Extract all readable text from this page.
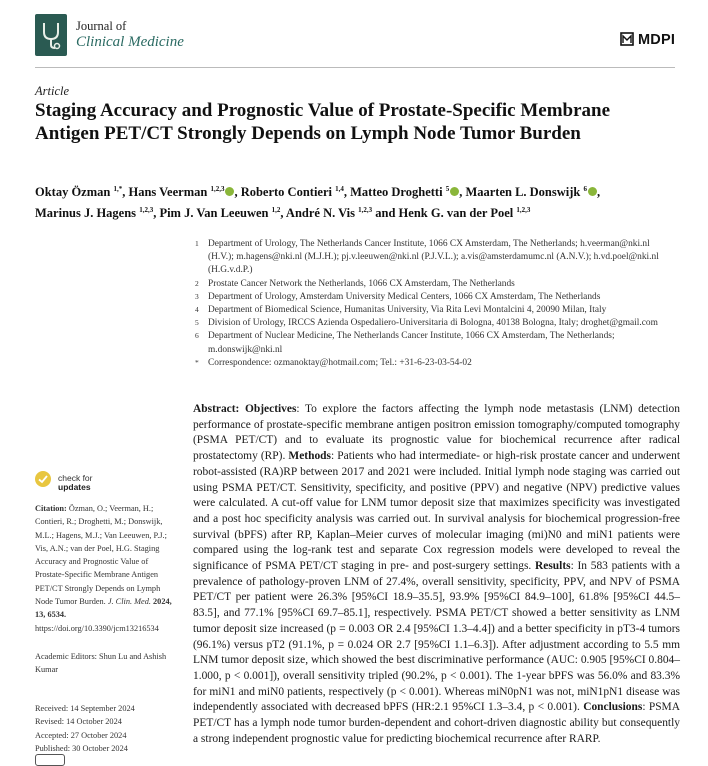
Journal of
Clinical Medicine	MDPI
Article
Staging Accuracy and Prognostic Value of Prostate-Specific Membrane Antigen PET/CT Strongly Depends on Lymph Node Tumor Burden
Oktay Özman $^{1,*}$, Hans Veerman $^{1,2,3}$ , Roberto Contieri $^{1,4}$, Matteo Droghetti $^5$ , Maarten L. Donswijk $^6$ ,
Marinus J. Hagens $^{1,2,3}$, Pim J. Van Leeuwen $^{1,2}$, André N. Vis $^{1,2,3}$ and Henk G. van der Poel $^{1,2,3}$
1 Department of Urology, The Netherlands Cancer Institute, 1066 CX Amsterdam, The Netherlands; h.veerman@nki.nl (H.V.); m.hagens@nki.nl (M.J.H.); pj.v.leeuwen@nki.nl (P.J.V.L.); a.vis@amsterdamumc.nl (A.N.V.); h.vd.poel@nki.nl (H.G.v.d.P.)
2 Prostate Cancer Network the Netherlands, 1066 CX Amsterdam, The Netherlands
3 Department of Urology, Amsterdam University Medical Centers, 1066 CX Amsterdam, The Netherlands
4 Department of Biomedical Science, Humanitas University, Via Rita Levi Montalcini 4, 20090 Milan, Italy
5 Division of Urology, IRCCS Azienda Ospedaliero-Universitaria di Bologna, 40138 Bologna, Italy; droghet@gmail.com
6 Department of Nuclear Medicine, The Netherlands Cancer Institute, 1066 CX Amsterdam, The Netherlands; m.donswijk@nki.nl
* Correspondence: ozmanoktay@hotmail.com; Tel.: +31-6-23-03-54-02
Abstract: Objectives: To explore the factors affecting the lymph node metastasis (LNM) detection performance of prostate-specific membrane antigen positron emission tomography/computed tomography (PSMA PET/CT) and to evaluate its prognostic value for biochemical recurrence after radical prostatectomy (RP). Methods: Patients who had intermediate- or high-risk prostate cancer and underwent robot-assisted (RA)RP between 2017 and 2021 were included. Initial lymph node staging was carried out using PSMA PET/CT. Sensitivity, specificity, and positive (PPV) and negative (NPV) predictive values were calculated. A cut-off value for LNM tumor deposit size that maximizes specificity was investigated and a post hoc specificity analysis was carried out. In survival analysis for biochemical progression-free survival (bPFS) after RP, Kaplan–Meier curves of molecular imaging (mi)N0 and miN1 patients were compared using the log-rank test and separate Cox regression models were developed to reveal the significance of PSMA PET/CT staging in pre- and post-surgery settings. Results: In 583 patients with a prevalence of pathology-proven LNM of 27.4%, overall sensitivity, specificity, PPV, and NPV of PSMA PET/CT per patient were 26.3% [95%CI 18.9–35.5], 93.9% [95%CI 84.9–100], 61.8% [95%CI 44.5–83.5], and 77.1% [95%CI 69.7–85.1], respectively. PSMA PET/CT showed a better sensitivity as LNM tumor deposit size increased (p = 0.003 OR 2.4 [95%CI 1.3–4.4]) and a better specificity in pT3-4 tumors (96.1%) versus pT2 (91.1%, p = 0.024 OR 2.7 [95%CI 1.1–6.3]). After adjustment according to 5.5 mm LNM tumor deposit size, which showed the best discriminative performance (AUC: 0.905 [95%CI 0.804–1.000, p < 0.001]), overall sensitivity tripled (90.2%, p < 0.001). The 1-year bPFS was 56.0% and 83.3% for miN1 and miN0 patients, respectively (p < 0.001). Whereas miN0pN1 was not, miN1pN1 disease was independently associated with decreased bPFS (HR:2.1 95%CI 1.3–3.4, p < 0.001). Conclusions: PSMA PET/CT has a lymph node tumor burden-dependent and cohort-driven diagnostic ability but consequently a strong independent prognostic value for predicting biochemical recurrence after RARP.
check for
updates
Citation: Özman, O.; Veerman, H.; Contieri, R.; Droghetti, M.; Donswijk, M.L.; Hagens, M.J.; Van Leeuwen, P.J.; Vis, A.N.; van der Poel, H.G. Staging Accuracy and Prognostic Value of Prostate-Specific Membrane Antigen PET/CT Strongly Depends on Lymph Node Tumor Burden. J. Clin. Med. 2024, 13, 6534. https://doi.org/10.3390/jcm13216534
Academic Editors: Shun Lu and Ashish Kumar
Received: 14 September 2024
Revised: 14 October 2024
Accepted: 27 October 2024
Published: 30 October 2024
